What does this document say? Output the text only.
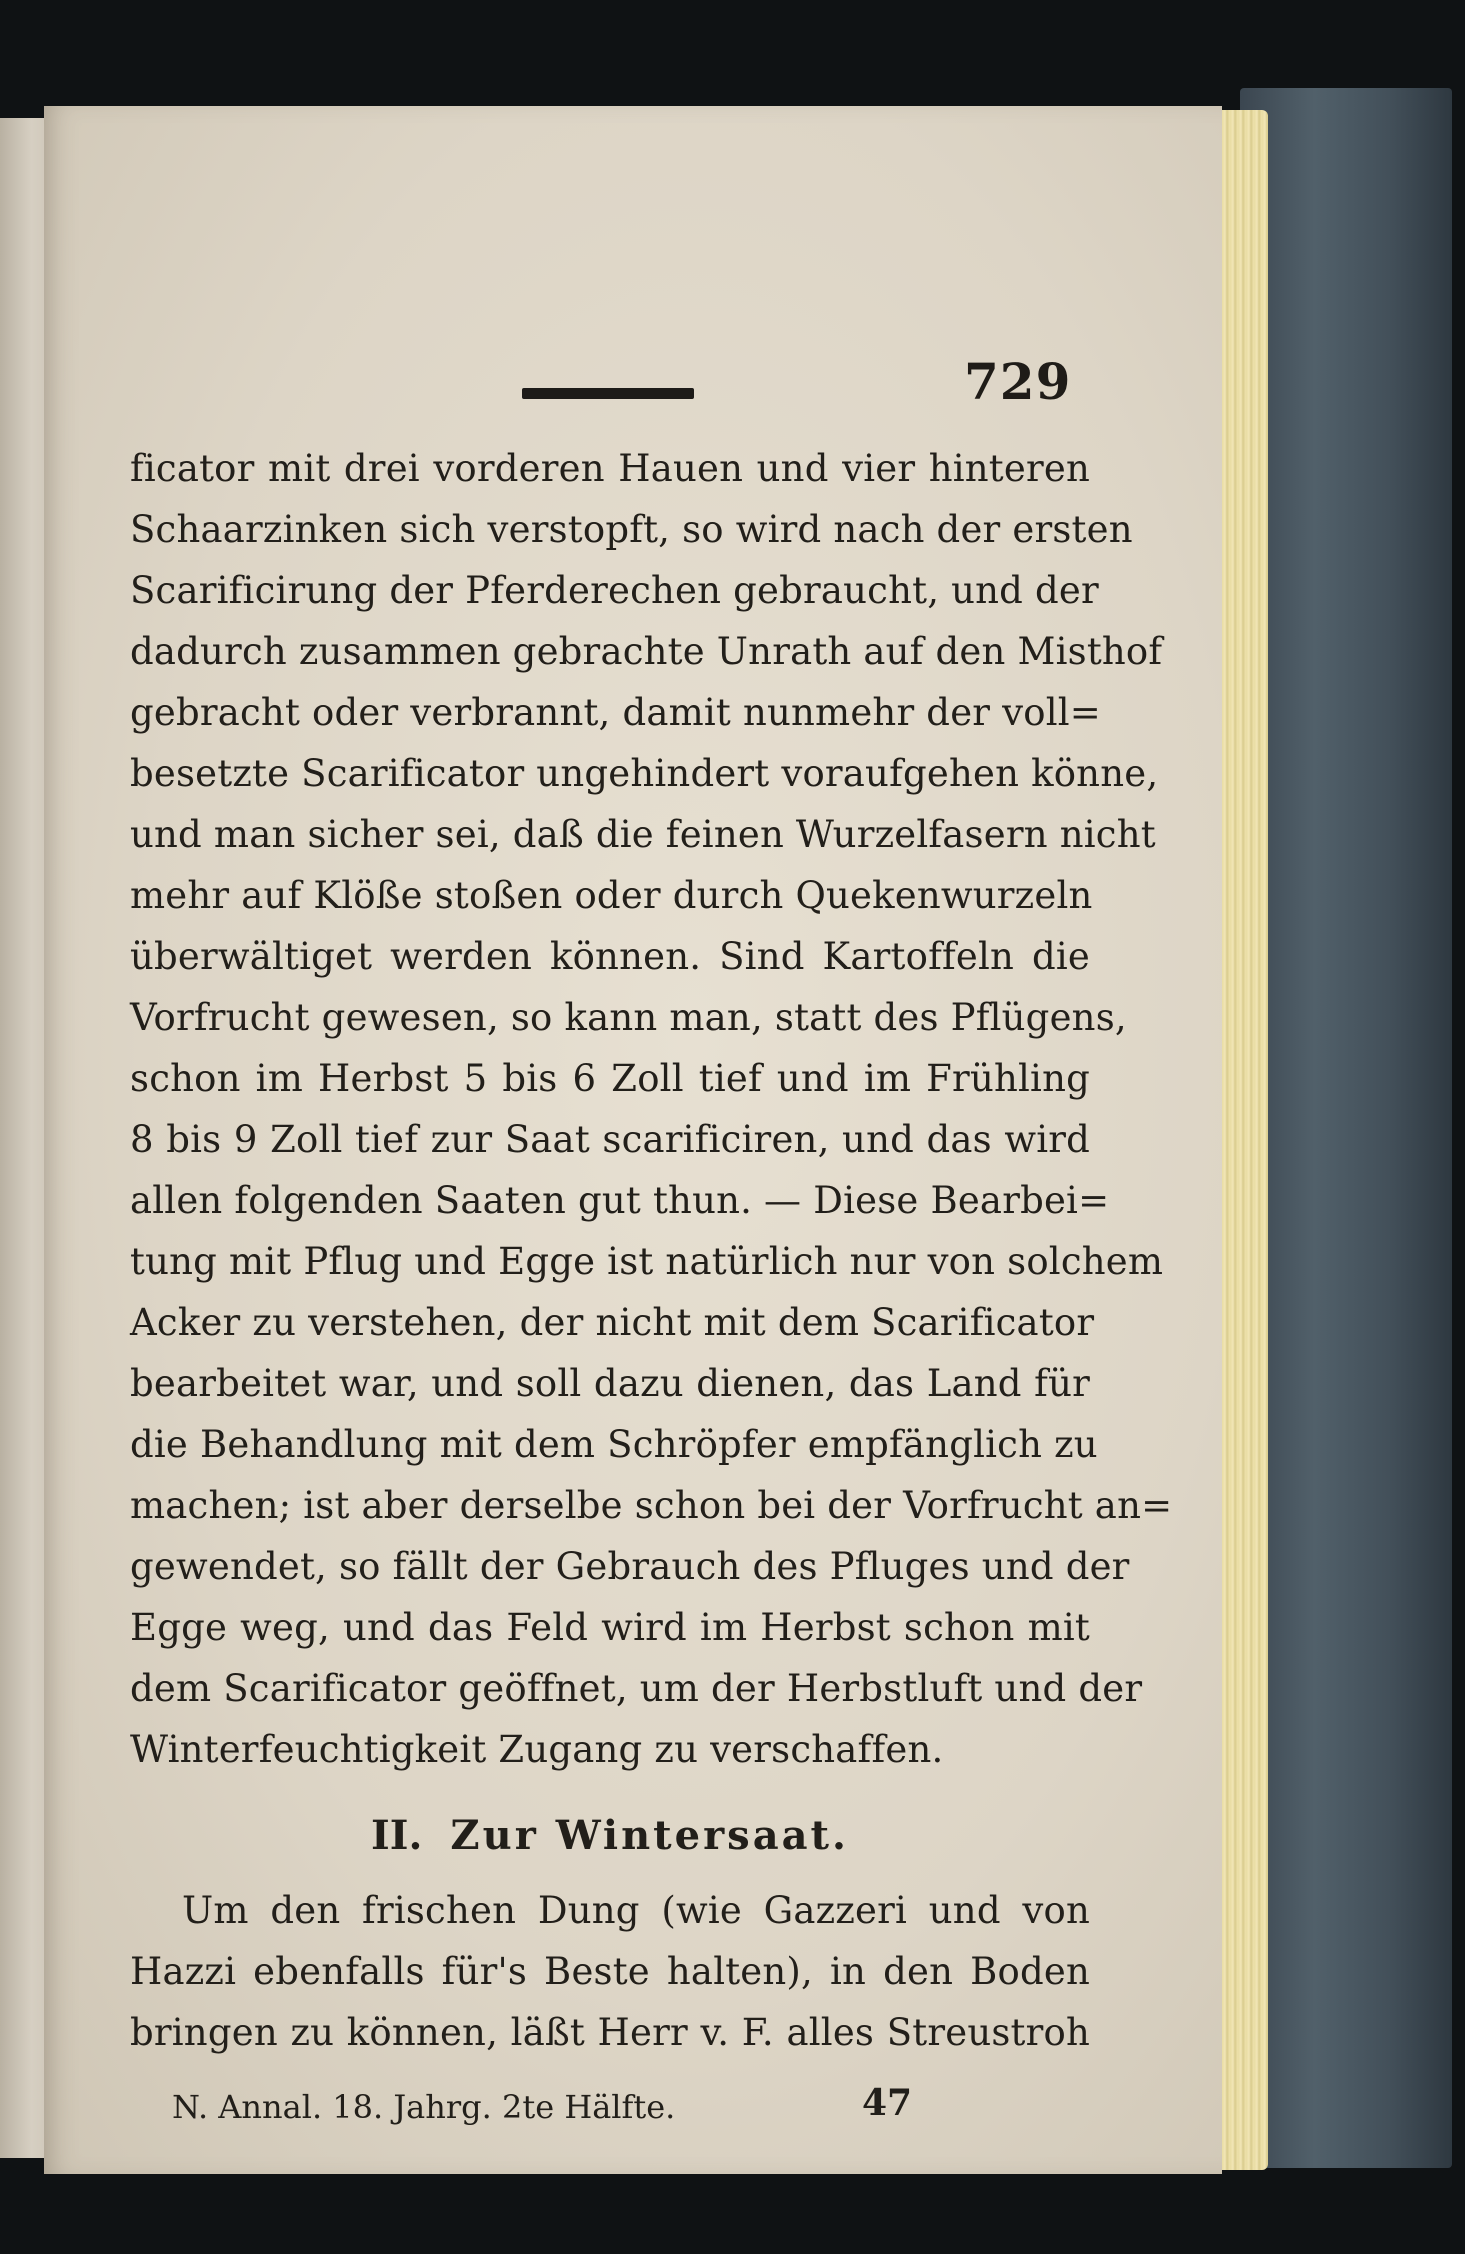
729
ficator mit drei vorderen Hauen und vier hinteren
Schaarzinken sich verstopft, so wird nach der ersten
Scarificirung der Pferderechen gebraucht, und der
dadurch zusammen gebrachte Unrath auf den Misthof
gebracht oder verbrannt, damit nunmehr der voll=
besetzte Scarificator ungehindert voraufgehen könne,
und man sicher sei, daß die feinen Wurzelfasern nicht
mehr auf Klöße stoßen oder durch Quekenwurzeln
überwältiget werden können. Sind Kartoffeln die
Vorfrucht gewesen, so kann man, statt des Pflügens,
schon im Herbst 5 bis 6 Zoll tief und im Frühling
8 bis 9 Zoll tief zur Saat scarificiren, und das wird
allen folgenden Saaten gut thun. — Diese Bearbei=
tung mit Pflug und Egge ist natürlich nur von solchem
Acker zu verstehen, der nicht mit dem Scarificator
bearbeitet war, und soll dazu dienen, das Land für
die Behandlung mit dem Schröpfer empfänglich zu
machen; ist aber derselbe schon bei der Vorfrucht an=
gewendet, so fällt der Gebrauch des Pfluges und der
Egge weg, und das Feld wird im Herbst schon mit
dem Scarificator geöffnet, um der Herbstluft und der
Winterfeuchtigkeit Zugang zu verschaffen.
II. Zur Wintersaat.
Um den frischen Dung (wie Gazzeri und von
Hazzi ebenfalls für's Beste halten), in den Boden
bringen zu können, läßt Herr v. F. alles Streustroh
N. Annal. 18. Jahrg. 2te Hälfte.	47
